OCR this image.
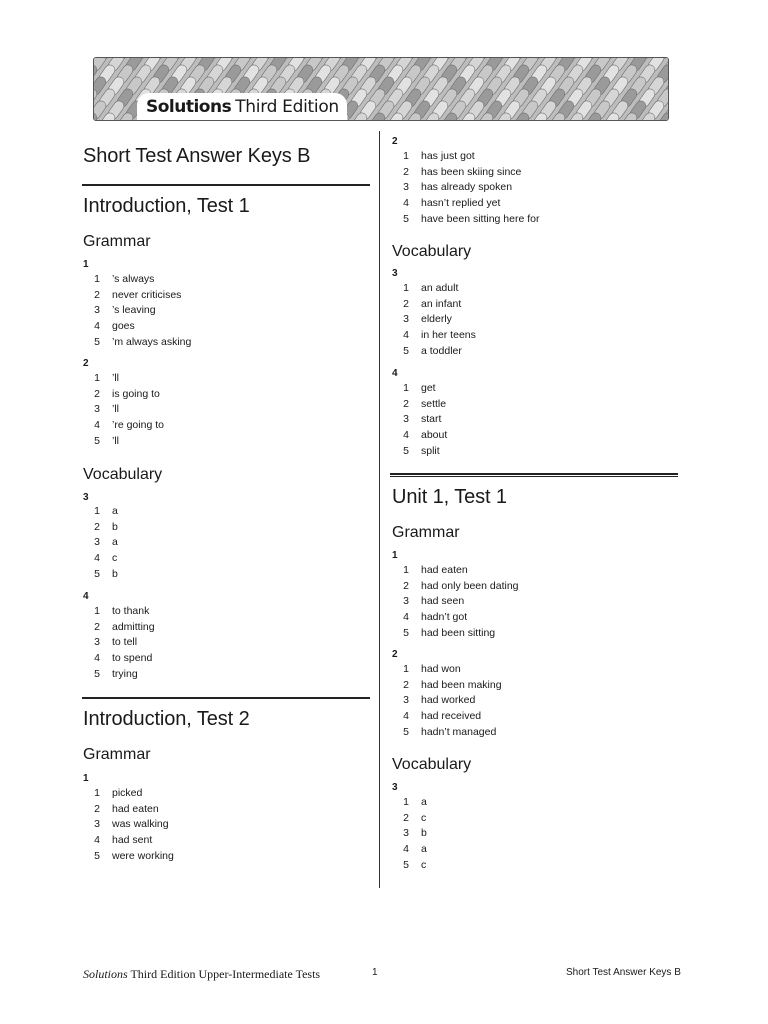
Solutions Third Edition
Short Test Answer Keys B
Introduction, Test 1
Grammar
1
1 ’s always
2 never criticises
3 ’s leaving
4 goes
5 ’m always asking
2
1 ’ll
2 is going to
3 ’ll
4 ’re going to
5 ’ll
Vocabulary
3
1 a
2 b
3 a
4 c
5 b
4
1 to thank
2 admitting
3 to tell
4 to spend
5 trying
Introduction, Test 2
Grammar
1
1 picked
2 had eaten
3 was walking
4 had sent
5 were working
2
1 has just got
2 has been skiing since
3 has already spoken
4 hasn’t replied yet
5 have been sitting here for
Vocabulary
3
1 an adult
2 an infant
3 elderly
4 in her teens
5 a toddler
4
1 get
2 settle
3 start
4 about
5 split
Unit 1, Test 1
Grammar
1
1 had eaten
2 had only been dating
3 had seen
4 hadn’t got
5 had been sitting
2
1 had won
2 had been making
3 had worked
4 had received
5 hadn’t managed
Vocabulary
3
1 a
2 c
3 b
4 a
5 c
Solutions Third Edition Upper-Intermediate Tests	1	Short Test Answer Keys B
